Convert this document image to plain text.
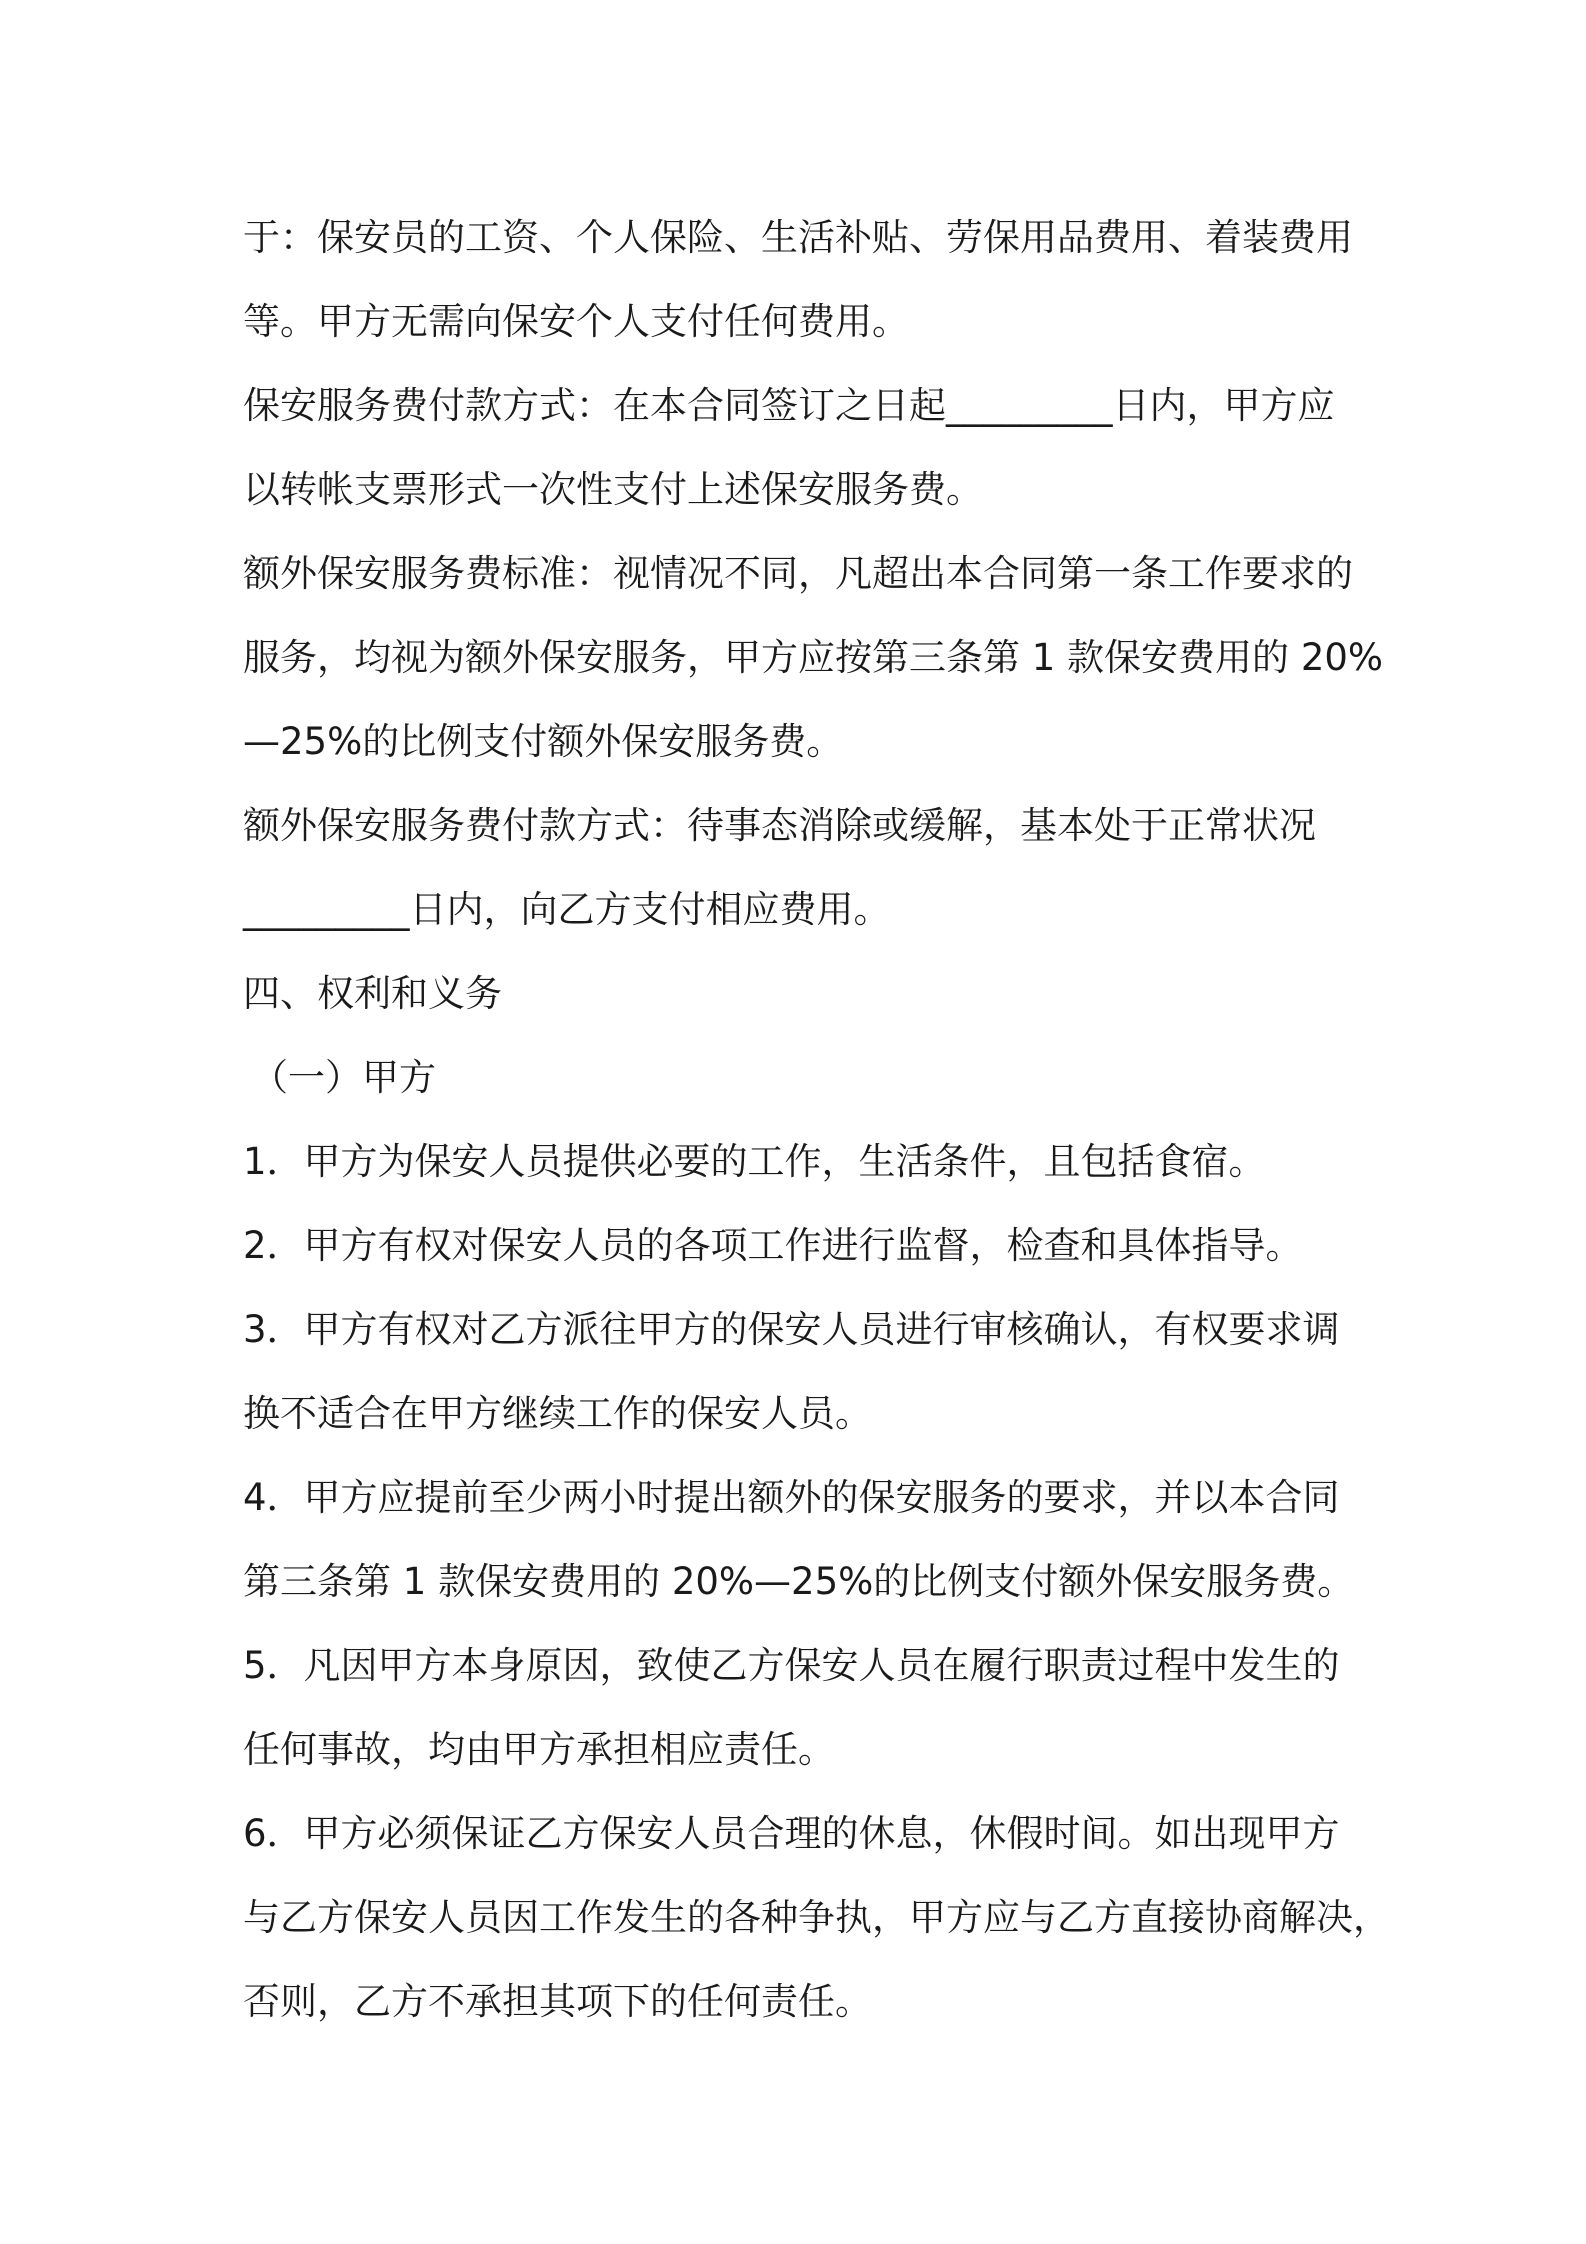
于：保安员的工资、个人保险、生活补贴、劳保用品费用、着装费用
等。甲方无需向保安个人支付任何费用。
保安服务费付款方式：在本合同签订之日起_________日内，甲方应
以转帐支票形式一次性支付上述保安服务费。
额外保安服务费标准：视情况不同，凡超出本合同第一条工作要求的
服务，均视为额外保安服务，甲方应按第三条第 1 款保安费用的 20%
—25%的比例支付额外保安服务费。
额外保安服务费付款方式：待事态消除或缓解，基本处于正常状况
_________日内，向乙方支付相应费用。
四、权利和义务
（一）甲方
1．甲方为保安人员提供必要的工作，生活条件，且包括食宿。
2．甲方有权对保安人员的各项工作进行监督，检查和具体指导。
3．甲方有权对乙方派往甲方的保安人员进行审核确认，有权要求调
换不适合在甲方继续工作的保安人员。
4．甲方应提前至少两小时提出额外的保安服务的要求，并以本合同
第三条第 1 款保安费用的 20%—25%的比例支付额外保安服务费。
5．凡因甲方本身原因，致使乙方保安人员在履行职责过程中发生的
任何事故，均由甲方承担相应责任。
6．甲方必须保证乙方保安人员合理的休息，休假时间。如出现甲方
与乙方保安人员因工作发生的各种争执，甲方应与乙方直接协商解决，
否则，乙方不承担其项下的任何责任。
